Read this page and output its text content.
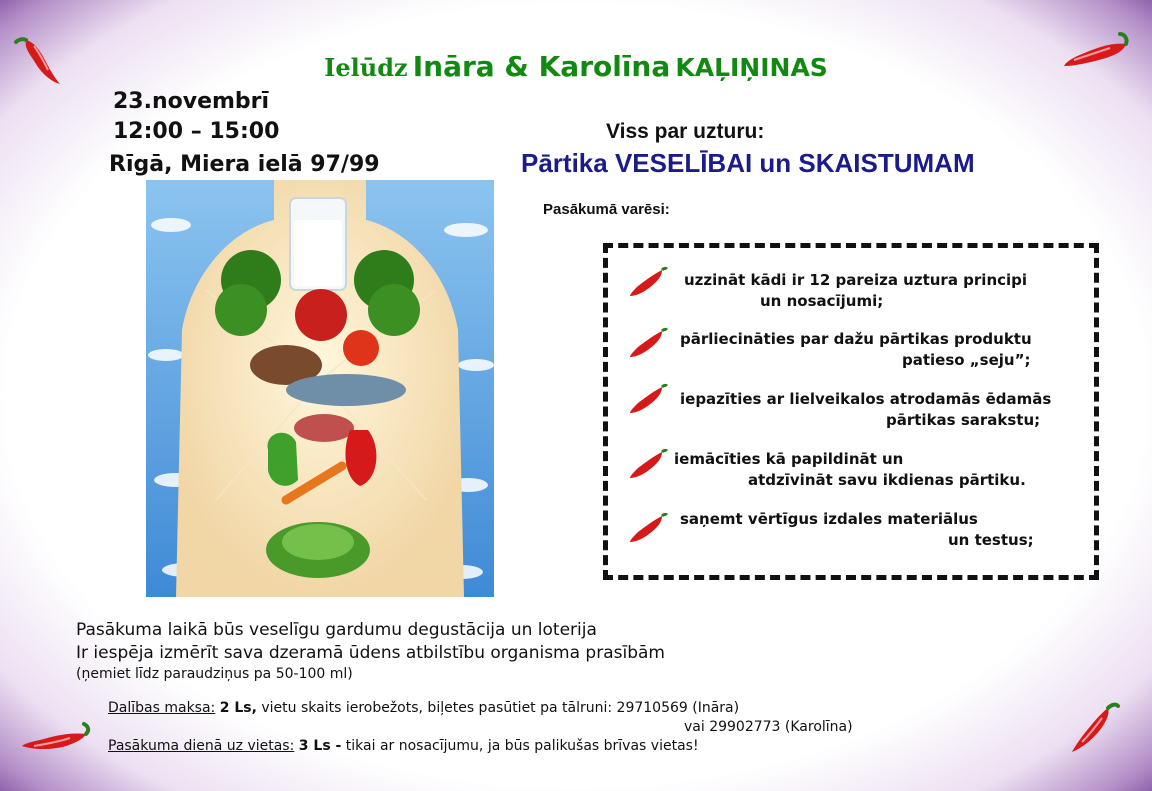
Ielūdz Ināra & Karolīna KAĻIŅINAS
23.novembrī
12:00 – 15:00
Rīgā, Miera ielā 97/99
Viss par uzturu:
Pārtika VESELĪBAI un SKAISTUMAM
Pasākumā varēsi:
uzzināt kādi ir 12 pareiza uztura principi
un nosacījumi;
pārliecināties par dažu pārtikas produktu
patieso „seju”;
iepazīties ar lielveikalos atrodamās ēdamās
pārtikas sarakstu;
iemācīties kā papildināt un
atdzīvināt savu ikdienas pārtiku.
saņemt vērtīgus izdales materiālus
un testus;
Pasākuma laikā būs veselīgu gardumu degustācija un loterija
Ir iespēja izmērīt sava dzeramā ūdens atbilstību organisma prasībām
(ņemiet līdz paraudziņus pa 50-100 ml)
Dalības maksa: 2 Ls, vietu skaits ierobežots, biļetes pasūtiet pa tālruni: 29710569 (Ināra)
vai 29902773 (Karolīna)
Pasākuma dienā uz vietas: 3 Ls - tikai ar nosacījumu, ja būs palikušas brīvas vietas!
